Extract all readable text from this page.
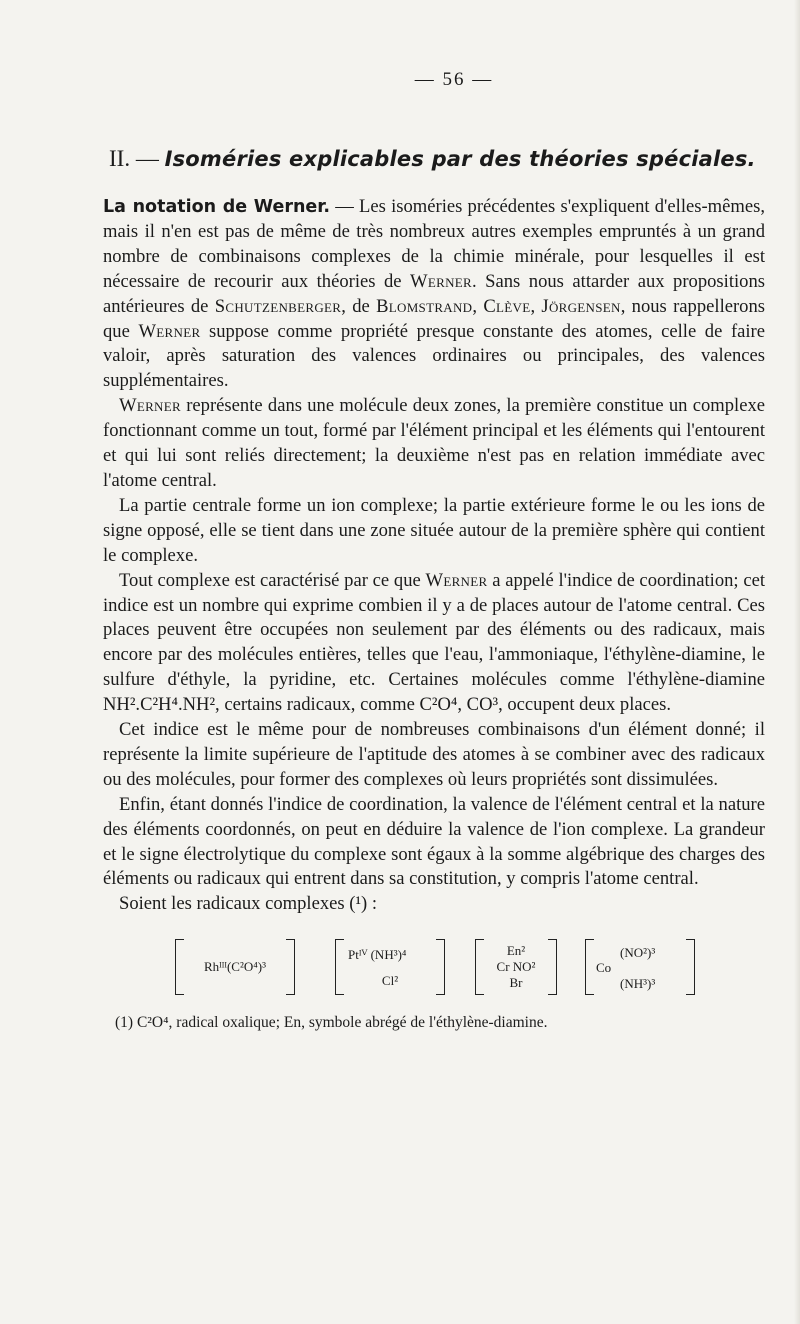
— 56 —
II. — Isoméries explicables par des théories spéciales.

La notation de Werner. — Les isoméries précédentes s'expliquent d'elles-mêmes, mais il n'en est pas de même de très nombreux autres exemples empruntés à un grand nombre de combinaisons complexes de la chimie minérale, pour lesquelles il est nécessaire de recourir aux théories de Werner. Sans nous attarder aux propositions antérieures de Schutzenberger, de Blomstrand, Clève, Jörgensen, nous rappellerons que Werner suppose comme propriété presque constante des atomes, celle de faire valoir, après saturation des valences ordinaires ou principales, des valences supplémentaires.

Werner représente dans une molécule deux zones, la première constitue un complexe fonctionnant comme un tout, formé par l'élément principal et les éléments qui l'entourent et qui lui sont reliés directement; la deuxième n'est pas en relation immédiate avec l'atome central.

La partie centrale forme un ion complexe; la partie extérieure forme le ou les ions de signe opposé, elle se tient dans une zone située autour de la première sphère qui contient le complexe.

Tout complexe est caractérisé par ce que Werner a appelé l'indice de coordination; cet indice est un nombre qui exprime combien il y a de places autour de l'atome central. Ces places peuvent être occupées non seulement par des éléments ou des radicaux, mais encore par des molécules entières, telles que l'eau, l'ammoniaque, l'éthylène-diamine, le sulfure d'éthyle, la pyridine, etc. Certaines molécules comme l'éthylène-diamine NH².C²H⁴.NH², certains radicaux, comme C²O⁴, CO³, occupent deux places.

Cet indice est le même pour de nombreuses combinaisons d'un élément donné; il représente la limite supérieure de l'aptitude des atomes à se combiner avec des radicaux ou des molécules, pour former des complexes où leurs propriétés sont dissimulées.

Enfin, étant donnés l'indice de coordination, la valence de l'élément central et la nature des éléments coordonnés, on peut en déduire la valence de l'ion complexe. La grandeur et le signe électrolytique du complexe sont égaux à la somme algébrique des charges des éléments ou radicaux qui entrent dans sa constitution, y compris l'atome central.

Soient les radicaux complexes (¹) :

Rhᴵᴵᴵ(C²O⁴)³
Ptᴵⱽ (NH³)⁴
Cl²
En²
Cr NO²
Br
(NO²)³
Co
(NH³)³
(1) C²O⁴, radical oxalique; En, symbole abrégé de l'éthylène-diamine.
